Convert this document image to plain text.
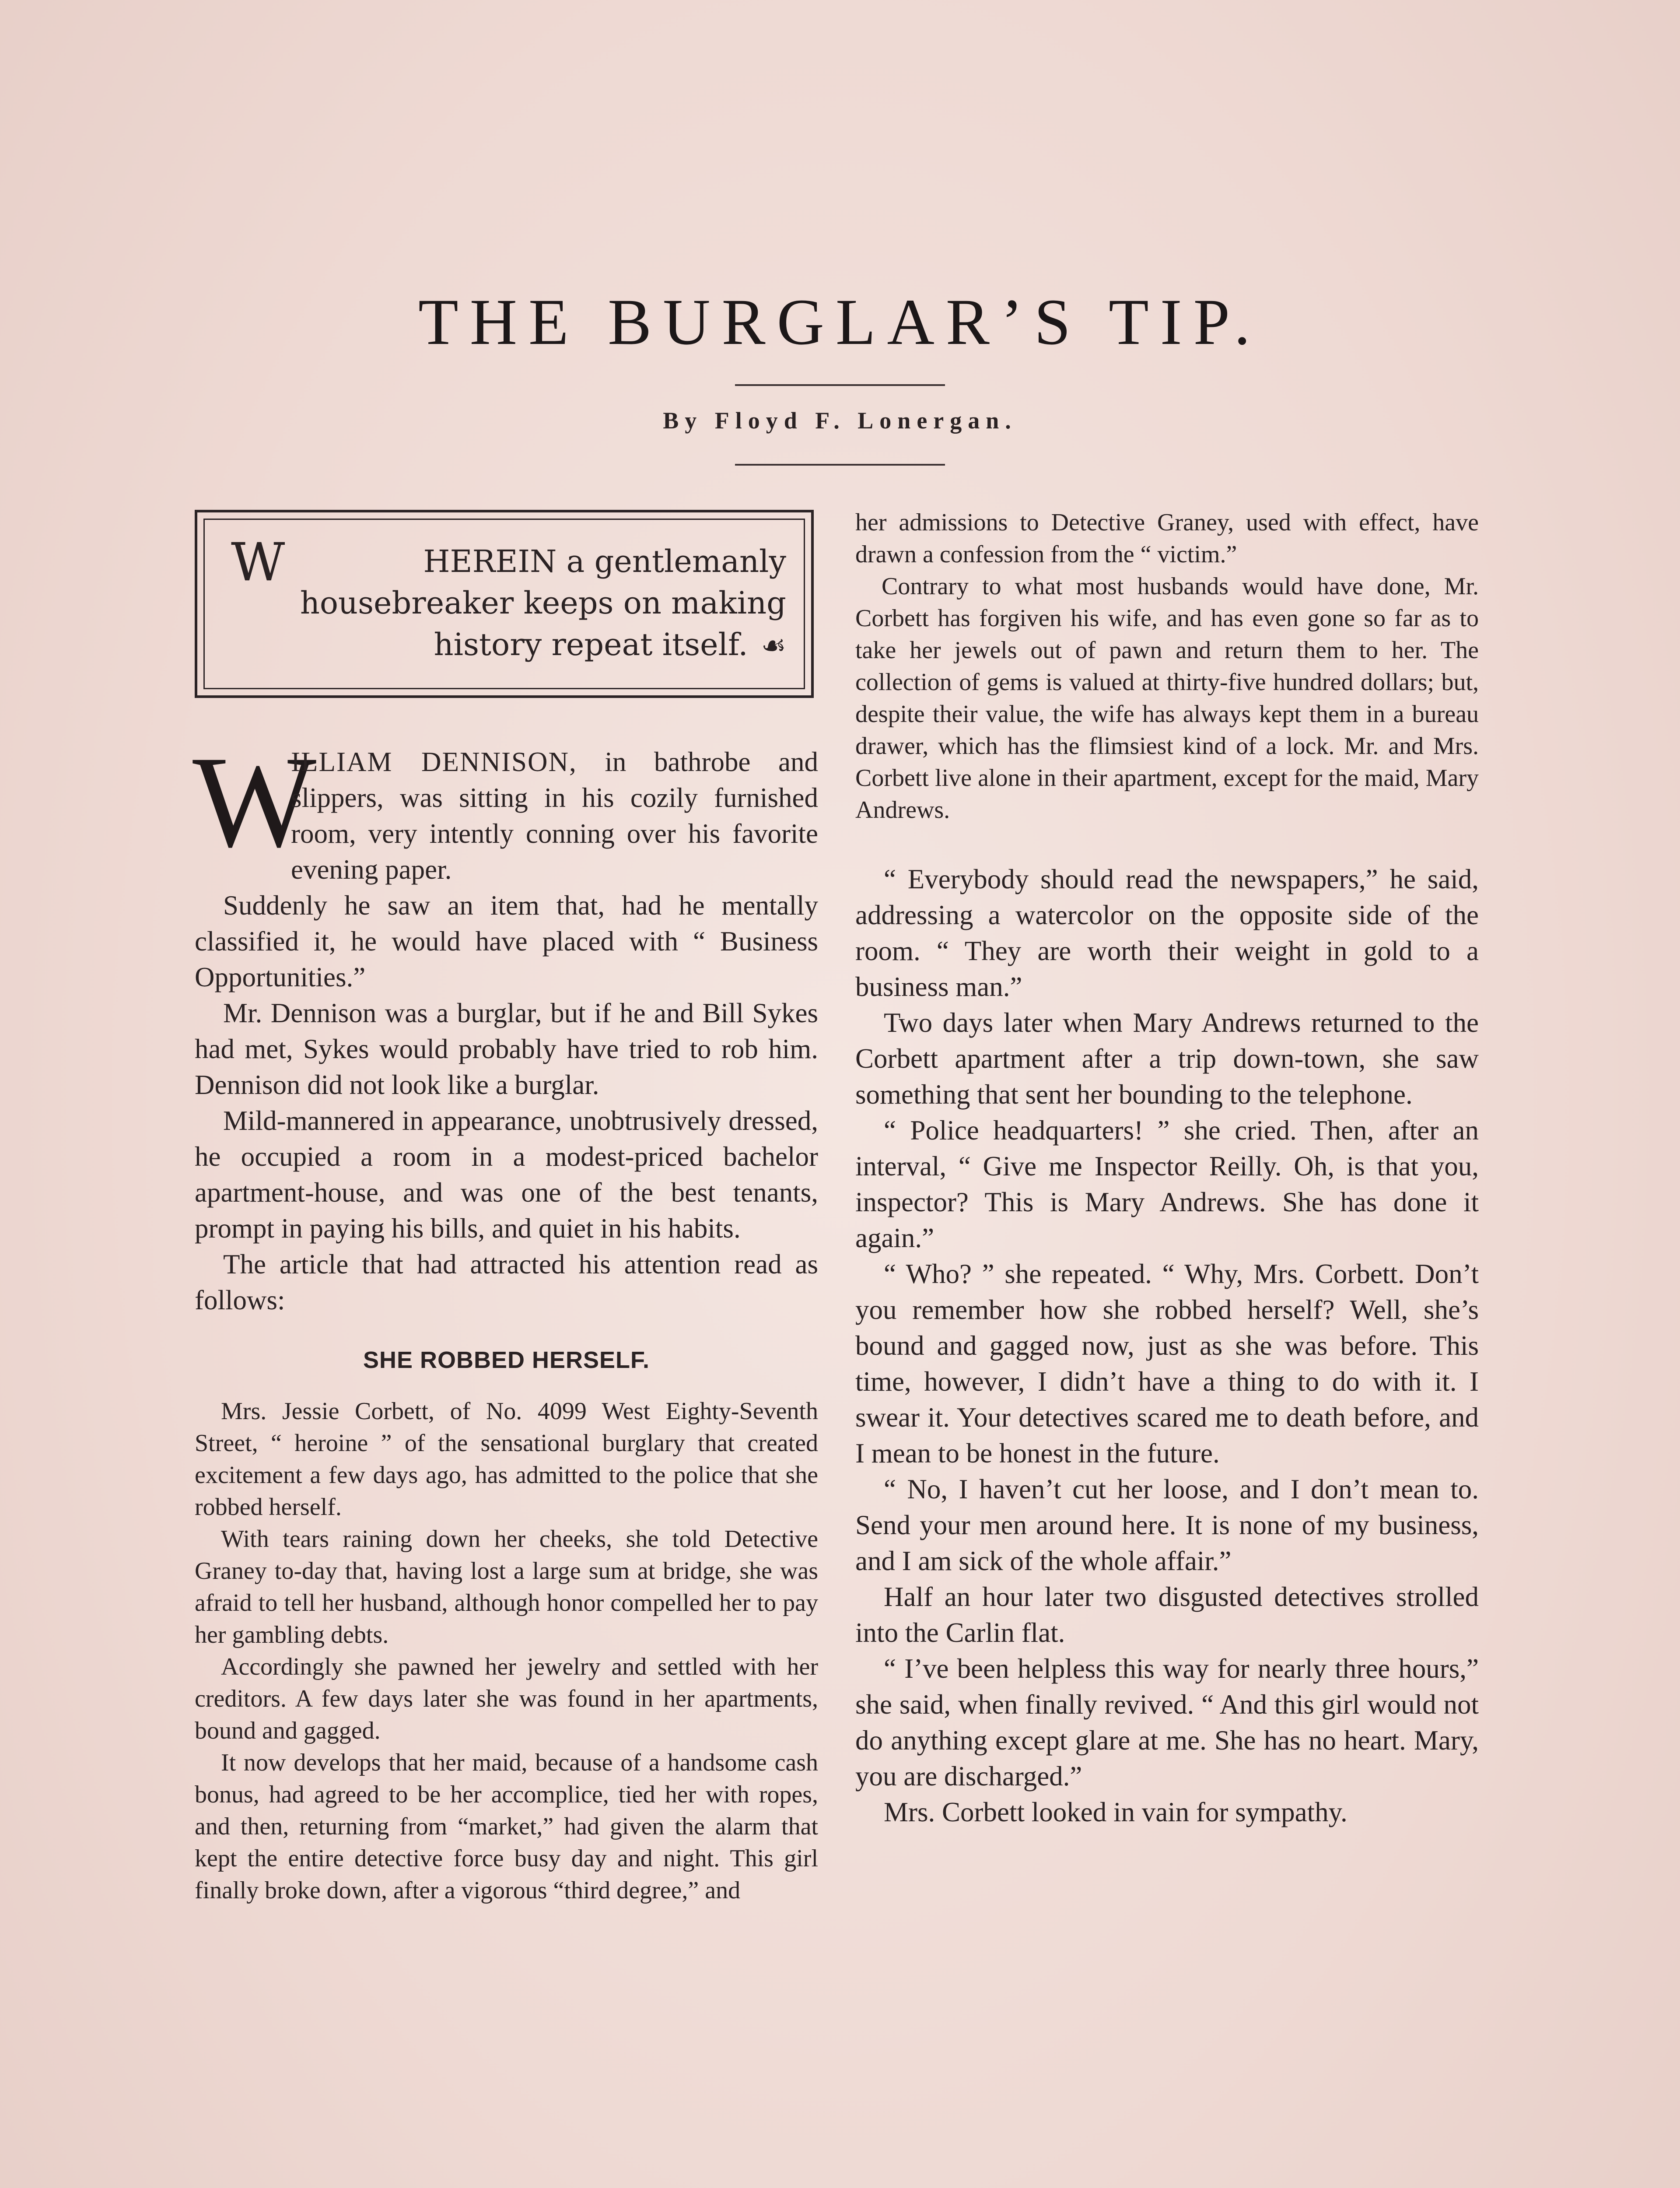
THE BURGLAR’S TIP.
By Floyd F. Lonergan.
W	HEREIN a gentlemanly housebreaker keeps on making history repeat itself. ☙
W

ILLIAM DENNISON, in bathrobe and slippers, was sitting in his cozily furnished room, very intently conning over his favorite evening paper.

Suddenly he saw an item that, had he mentally classified it, he would have placed with “ Business Opportunities.”

Mr. Dennison was a burglar, but if he and Bill Sykes had met, Sykes would probably have tried to rob him. Dennison did not look like a burglar.

Mild-mannered in appearance, unobtrusively dressed, he occupied a room in a modest-priced bachelor apartment-house, and was one of the best tenants, prompt in paying his bills, and quiet in his habits.

The article that had attracted his attention read as follows:

SHE ROBBED HERSELF.

Mrs. Jessie Corbett, of No. 4099 West Eighty-Seventh Street, “ heroine ” of the sensational burglary that created excitement a few days ago, has admitted to the police that she robbed herself.

With tears raining down her cheeks, she told Detective Graney to-day that, having lost a large sum at bridge, she was afraid to tell her husband, although honor compelled her to pay her gambling debts.

Accordingly she pawned her jewelry and settled with her creditors. A few days later she was found in her apartments, bound and gagged.

It now develops that her maid, because of a handsome cash bonus, had agreed to be her accomplice, tied her with ropes, and then, returning from “market,” had given the alarm that kept the entire detective force busy day and night. This girl finally broke down, after a vigorous “third degree,” and

her admissions to Detective Graney, used with effect, have drawn a confession from the “ victim.”

Contrary to what most husbands would have done, Mr. Corbett has forgiven his wife, and has even gone so far as to take her jewels out of pawn and return them to her. The collection of gems is valued at thirty-five hundred dollars; but, despite their value, the wife has always kept them in a bureau drawer, which has the flimsiest kind of a lock. Mr. and Mrs. Corbett live alone in their apartment, except for the maid, Mary Andrews.

“ Everybody should read the newspapers,” he said, addressing a watercolor on the opposite side of the room. “ They are worth their weight in gold to a business man.”

Two days later when Mary Andrews returned to the Corbett apartment after a trip down-town, she saw something that sent her bounding to the telephone.

“ Police headquarters! ” she cried. Then, after an interval, “ Give me Inspector Reilly. Oh, is that you, inspector? This is Mary Andrews. She has done it again.”

“ Who? ” she repeated. “ Why, Mrs. Corbett. Don’t you remember how she robbed herself? Well, she’s bound and gagged now, just as she was before. This time, however, I didn’t have a thing to do with it. I swear it. Your detectives scared me to death before, and I mean to be honest in the future.

“ No, I haven’t cut her loose, and I don’t mean to. Send your men around here. It is none of my business, and I am sick of the whole affair.”

Half an hour later two disgusted detectives strolled into the Carlin flat.

“ I’ve been helpless this way for nearly three hours,” she said, when finally revived. “ And this girl would not do anything except glare at me. She has no heart. Mary, you are discharged.”

Mrs. Corbett looked in vain for sympathy.
